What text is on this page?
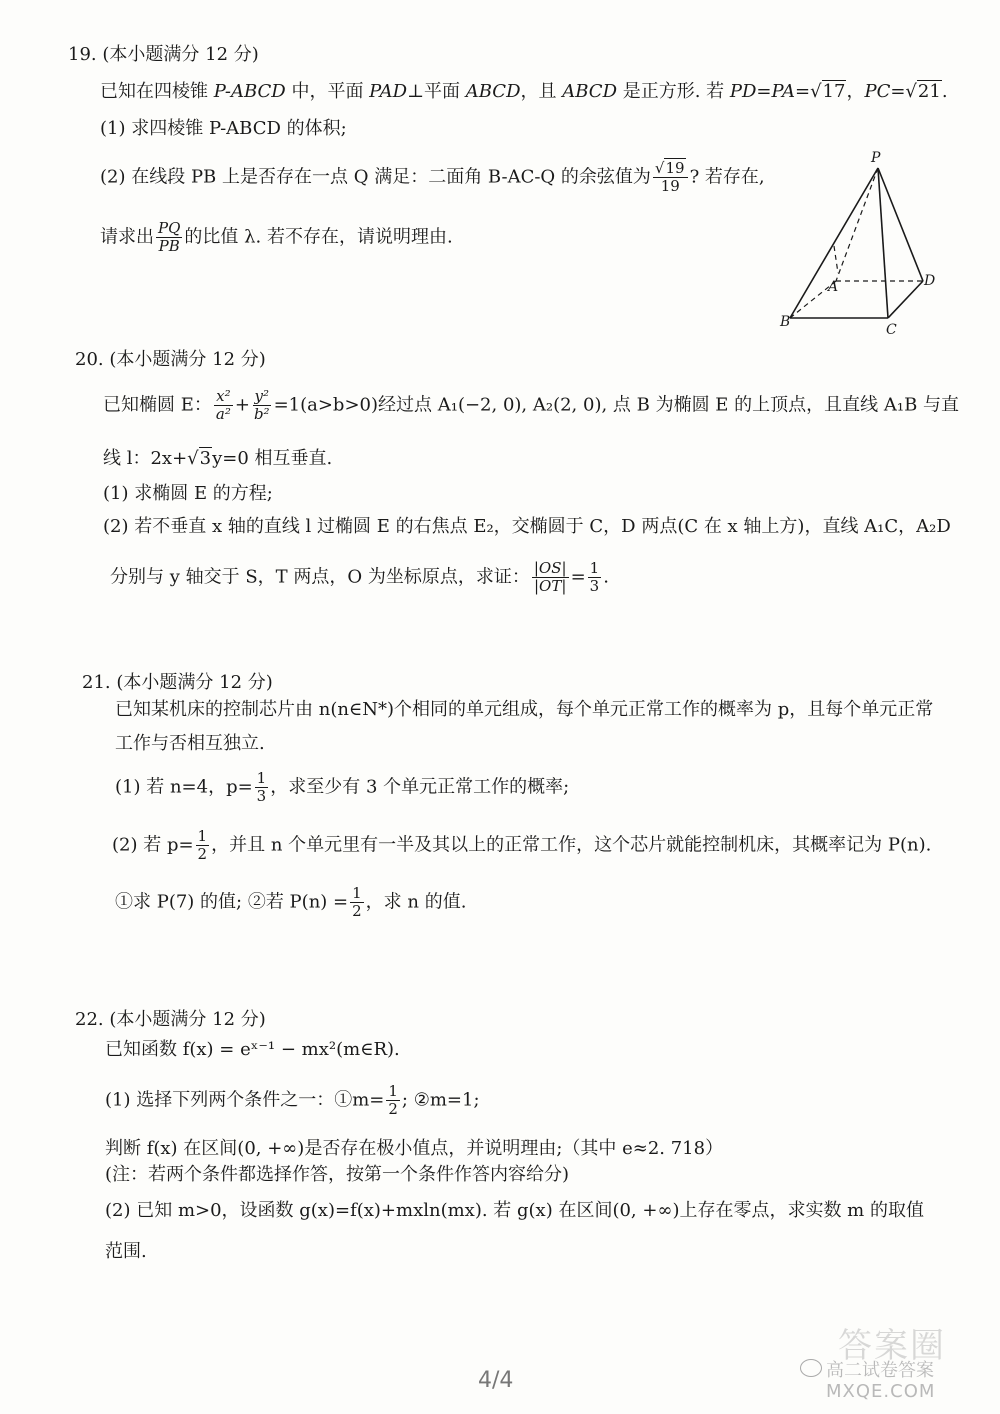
19. (本小题满分 12 分)
已知在四棱锥 P-ABCD 中，平面 PAD⊥平面 ABCD，且 ABCD 是正方形. 若 PD=PA=√17，PC=√21.
(1) 求四棱锥 P-ABCD 的体积;
(2) 在线段 PB 上是否存在一点 Q 满足：二面角 B-AC-Q 的余弦值为 $\frac{√19}{19}$ ? 若存在,
请求出 $\frac{PQ}{PB}$ 的比值 λ. 若不存在，请说明理由.
P
A
B	C
D
20. (本小题满分 12 分)
已知椭圆 E： $\frac{\text{x²}}{\text{a²}} + \frac{\text{y²}}{\text{b²}} =1(a>b>0)$经过点 A₁(−2, 0), A₂(2, 0), 点 B 为椭圆 E 的上顶点，且直线 A₁B 与直
线 l：2x+√3y=0 相互垂直.
(1) 求椭圆 E 的方程;
(2) 若不垂直 x 轴的直线 l 过椭圆 E 的右焦点 E₂，交椭圆于 C，D 两点(C 在 x 轴上方)，直线 A₁C，A₂D
分别与 y 轴交于 S，T 两点，O 为坐标原点，求证： $\frac{|OS|}{|OT|} = \frac{1}{3}$ .
21. (本小题满分 12 分)
已知某机床的控制芯片由 n(n∈N*)个相同的单元组成，每个单元正常工作的概率为 p，且每个单元正常
工作与否相互独立.
(1) 若 n=4，$p= \frac{1}{3}$ ，求至少有 3 个单元正常工作的概率;
(2) 若 $p= \frac{1}{2}$ ，并且 n 个单元里有一半及其以上的正常工作，这个芯片就能控制机床，其概率记为 P(n).
①求 P(7) 的值; ②若 $P(n) = \frac{1}{2}$ ，求 n 的值.
22. (本小题满分 12 分)
已知函数 f(x) = eˣ⁻¹ − mx²(m∈R).
(1) 选择下列两个条件之一：①m= $\frac{1}{2}$ ; ②m=1;
判断 f(x) 在区间(0, +∞)是否存在极小值点，并说明理由;（其中 e≈2. 718）
(注：若两个条件都选择作答，按第一个条件作答内容给分)
(2) 已知 m>0，设函数 g(x)=f(x)+mxln(mx). 若 g(x) 在区间(0, +∞)上存在零点，求实数 m 的取值
范围.
4/4
答案圈
高二试卷答案
MXQE.COM
